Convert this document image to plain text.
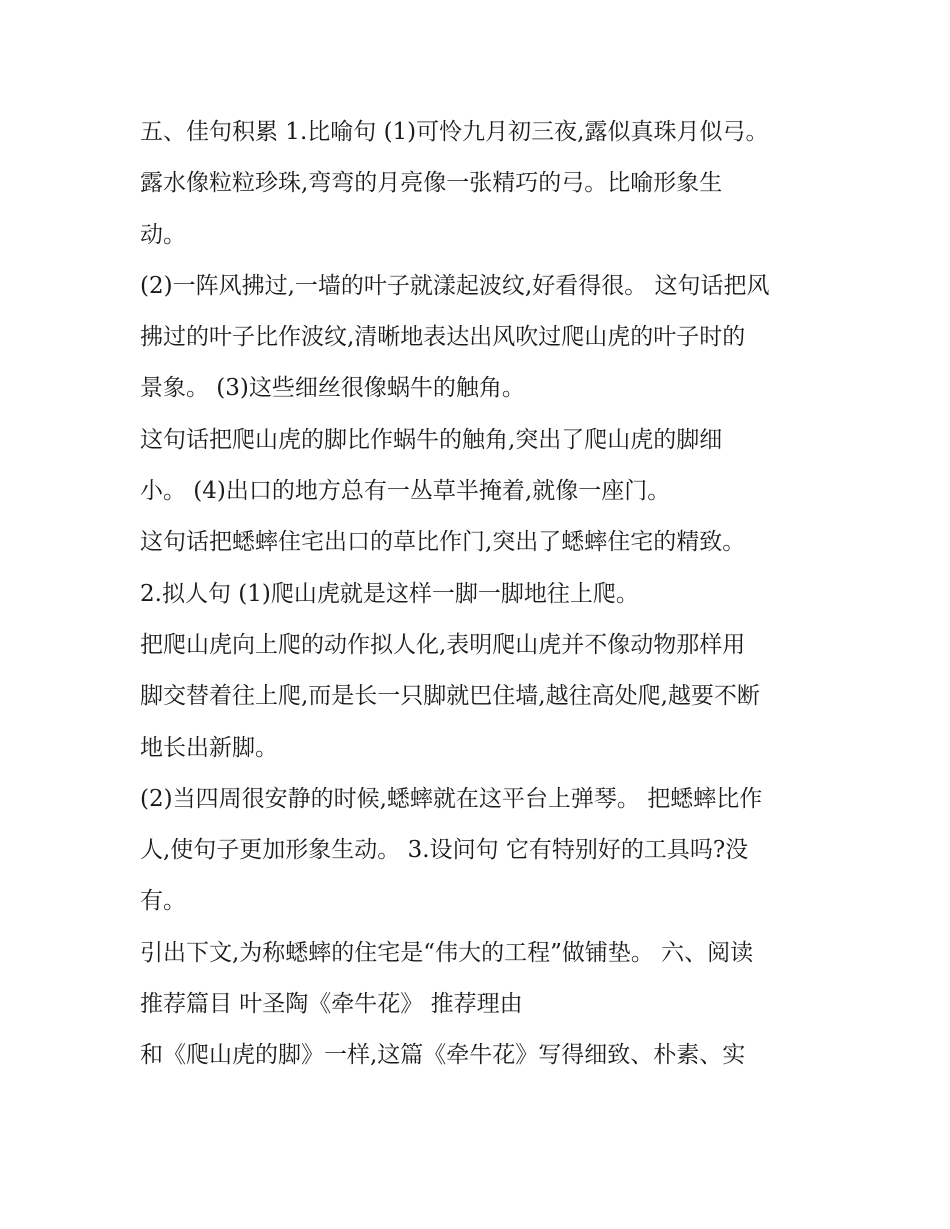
五、佳句积累 1.比喻句 (1)可怜九月初三夜,露似真珠月似弓。
露水像粒粒珍珠,弯弯的月亮像一张精巧的弓。比喻形象生
动。
(2)一阵风拂过,一墙的叶子就漾起波纹,好看得很。 这句话把风
拂过的叶子比作波纹,清晰地表达出风吹过爬山虎的叶子时的
景象。 (3)这些细丝很像蜗牛的触角。
这句话把爬山虎的脚比作蜗牛的触角,突出了爬山虎的脚细
小。 (4)出口的地方总有一丛草半掩着,就像一座门。
这句话把蟋蟀住宅出口的草比作门,突出了蟋蟀住宅的精致。
2.拟人句 (1)爬山虎就是这样一脚一脚地往上爬。
把爬山虎向上爬的动作拟人化,表明爬山虎并不像动物那样用
脚交替着往上爬,而是长一只脚就巴住墙,越往高处爬,越要不断
地长出新脚。
(2)当四周很安静的时候,蟋蟀就在这平台上弹琴。 把蟋蟀比作
人,使句子更加形象生动。 3.设问句 它有特别好的工具吗?没
有。
引出下文,为称蟋蟀的住宅是“伟大的工程”做铺垫。 六、阅读
推荐篇目 叶圣陶《牵牛花》 推荐理由
和《爬山虎的脚》一样,这篇《牵牛花》写得细致、朴素、实
